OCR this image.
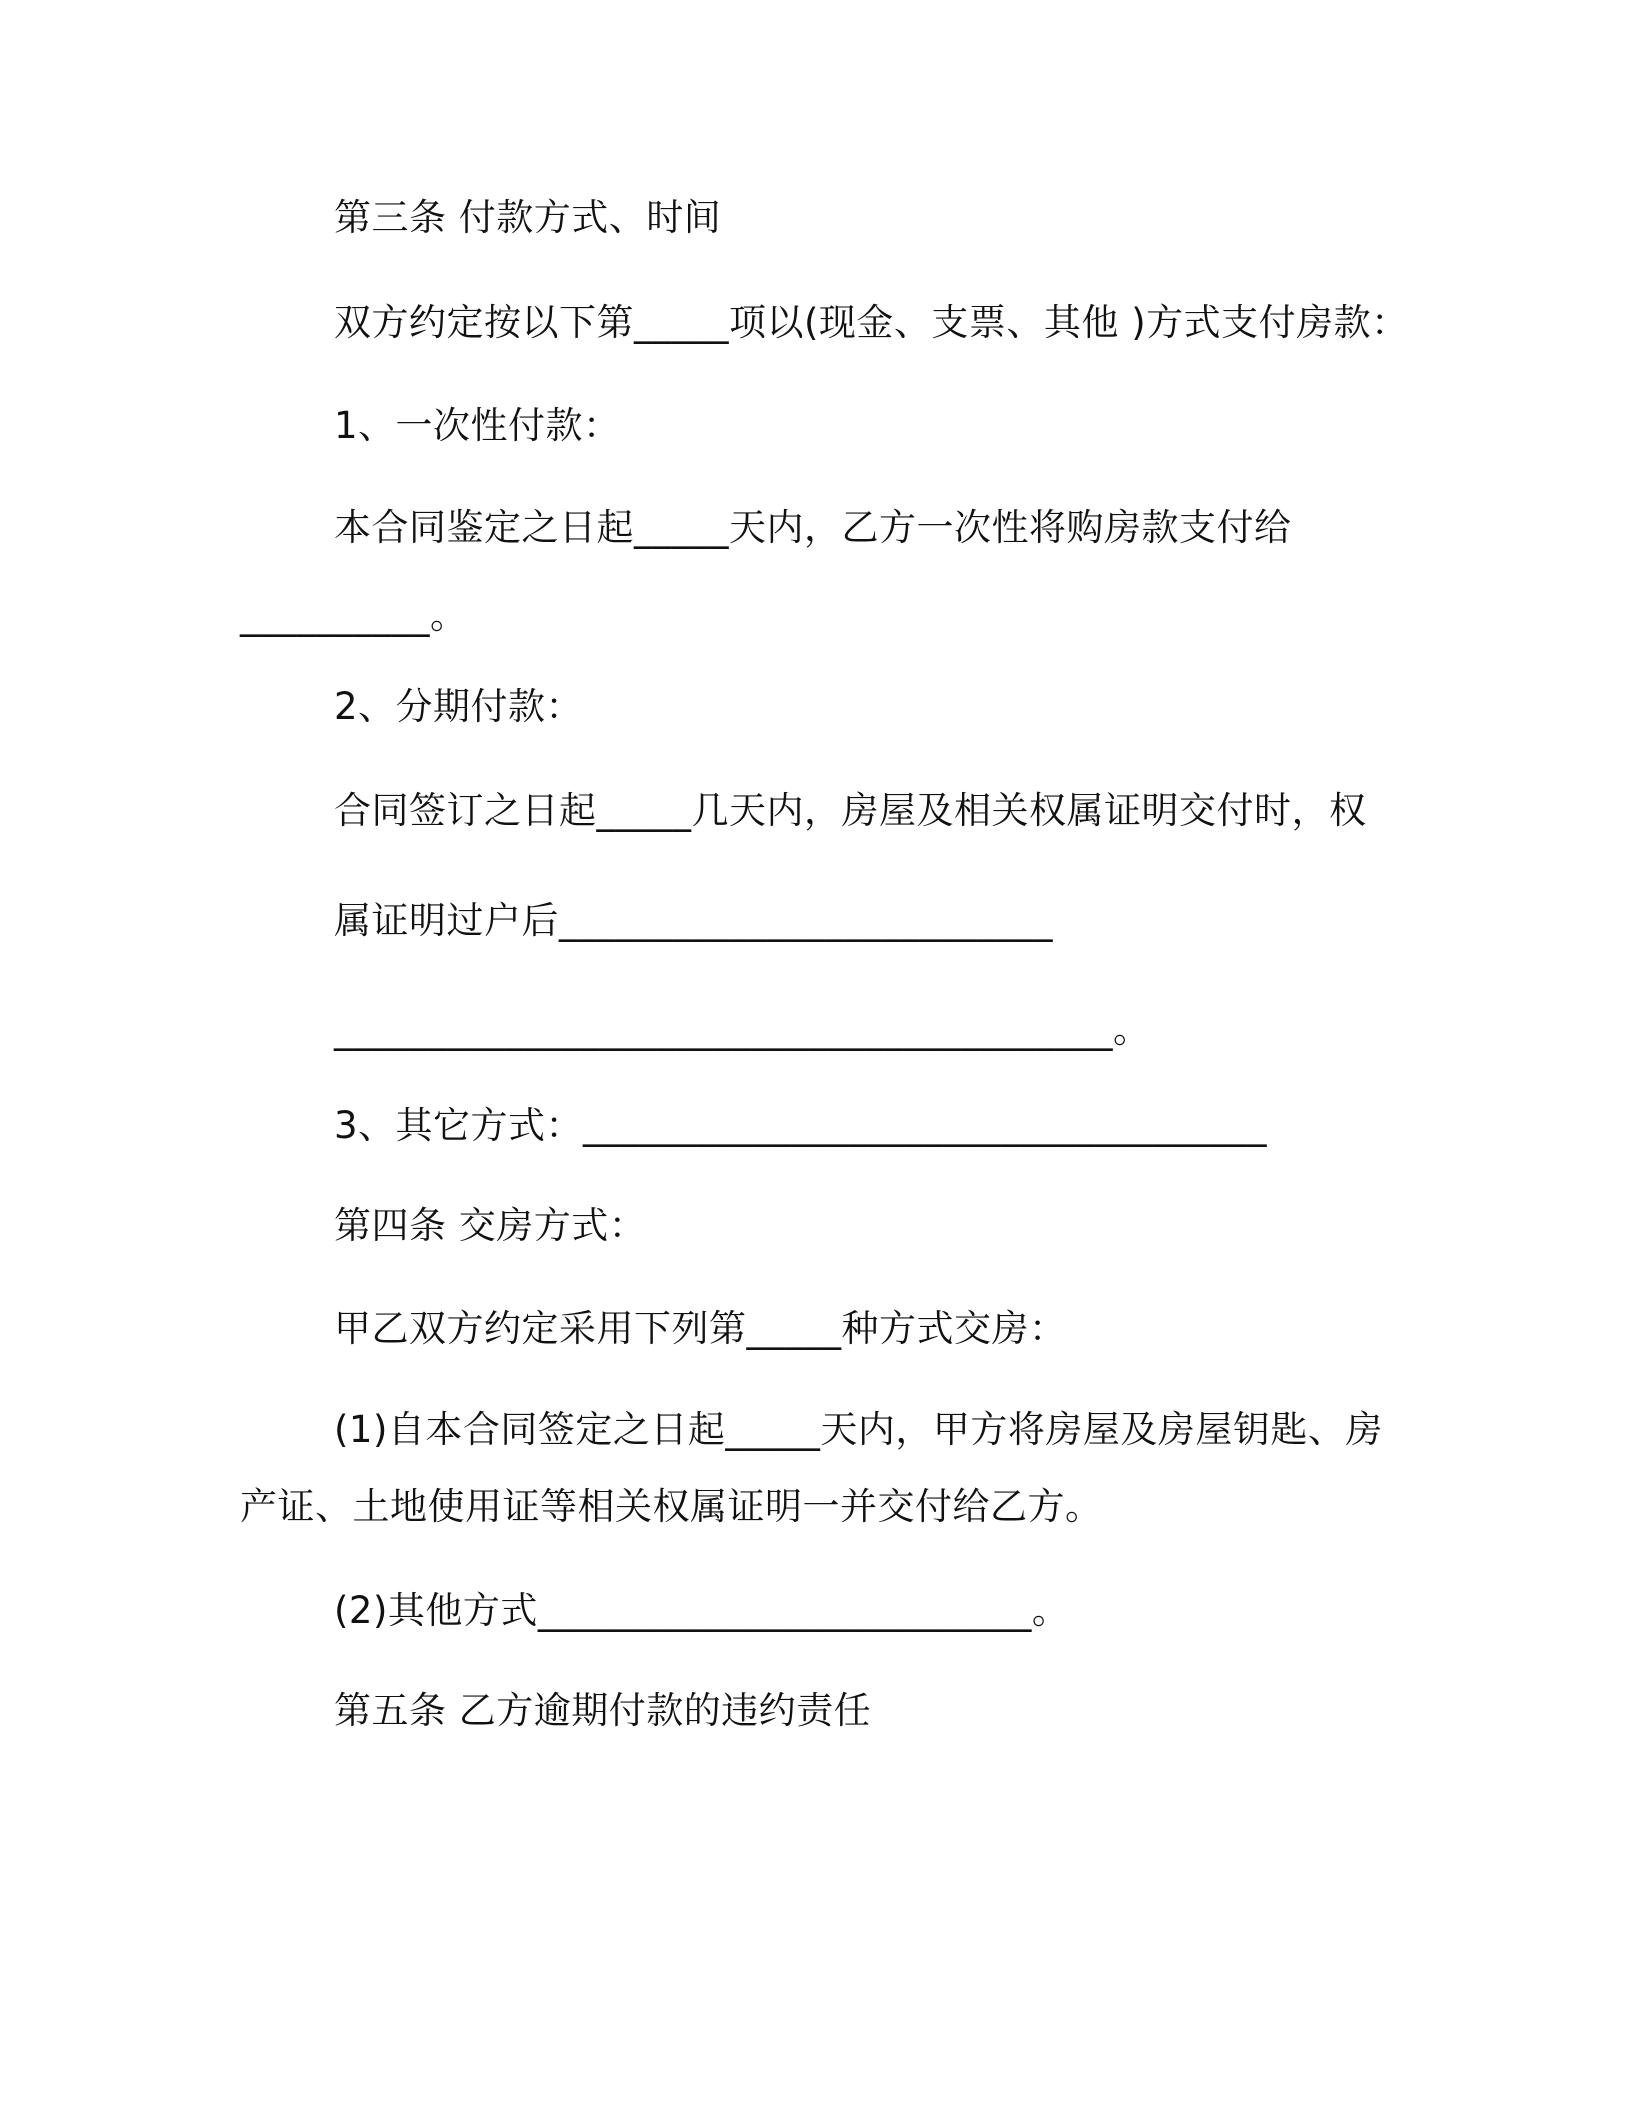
第三条 付款方式、时间
双方约定按以下第_____项以(现金、支票、其他 )方式支付房款：
1、一次性付款：
本合同鉴定之日起_____天内，乙方一次性将购房款支付给
__________。
2、分期付款：
合同签订之日起_____几天内，房屋及相关权属证明交付时，权
属证明过户后__________________________
_________________________________________。
3、其它方式：____________________________________
第四条 交房方式：
甲乙双方约定采用下列第_____种方式交房：
(1)自本合同签定之日起_____天内，甲方将房屋及房屋钥匙、房
产证、土地使用证等相关权属证明一并交付给乙方。
(2)其他方式__________________________。
第五条 乙方逾期付款的违约责任
